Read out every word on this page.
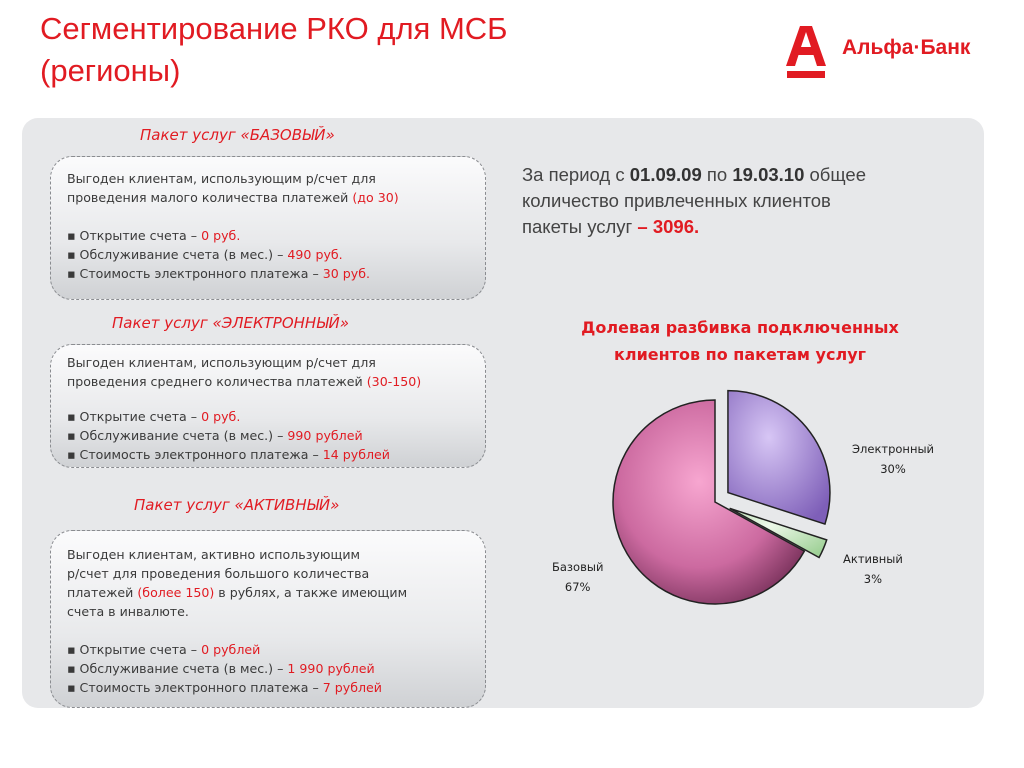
Сегментирование РКО для МСБ
(регионы)
Альфа·Банк
Пакет услуг «БАЗОВЫЙ»
Выгоден клиентам, использующим р/счет для
проведения малого количества платежей (до 30)
▪ Открытие счета – 0 руб.
▪ Обслуживание счета (в мес.) – 490 руб.
▪ Стоимость электронного платежа – 30 руб.
Пакет услуг «ЭЛЕКТРОННЫЙ»
Выгоден клиентам, использующим р/счет для
проведения среднего количества платежей (30-150)
▪ Открытие счета – 0 руб.
▪ Обслуживание счета (в мес.) – 990 рублей
▪ Стоимость электронного платежа – 14 рублей
Пакет услуг «АКТИВНЫЙ»
Выгоден клиентам, активно использующим
р/счет для проведения большого количества
платежей (более 150) в рублях, а также имеющим
счета в инвалюте.
▪ Открытие счета – 0 рублей
▪ Обслуживание счета (в мес.) – 1 990 рублей
▪ Стоимость электронного платежа – 7 рублей
За период с 01.09.09 по 19.03.10 общее
количество привлеченных клиентов
пакеты услуг – 3096.
Долевая разбивка подключенных
клиентов по пакетам услуг
Электронный
30%
Активный
3%
Базовый
67%
